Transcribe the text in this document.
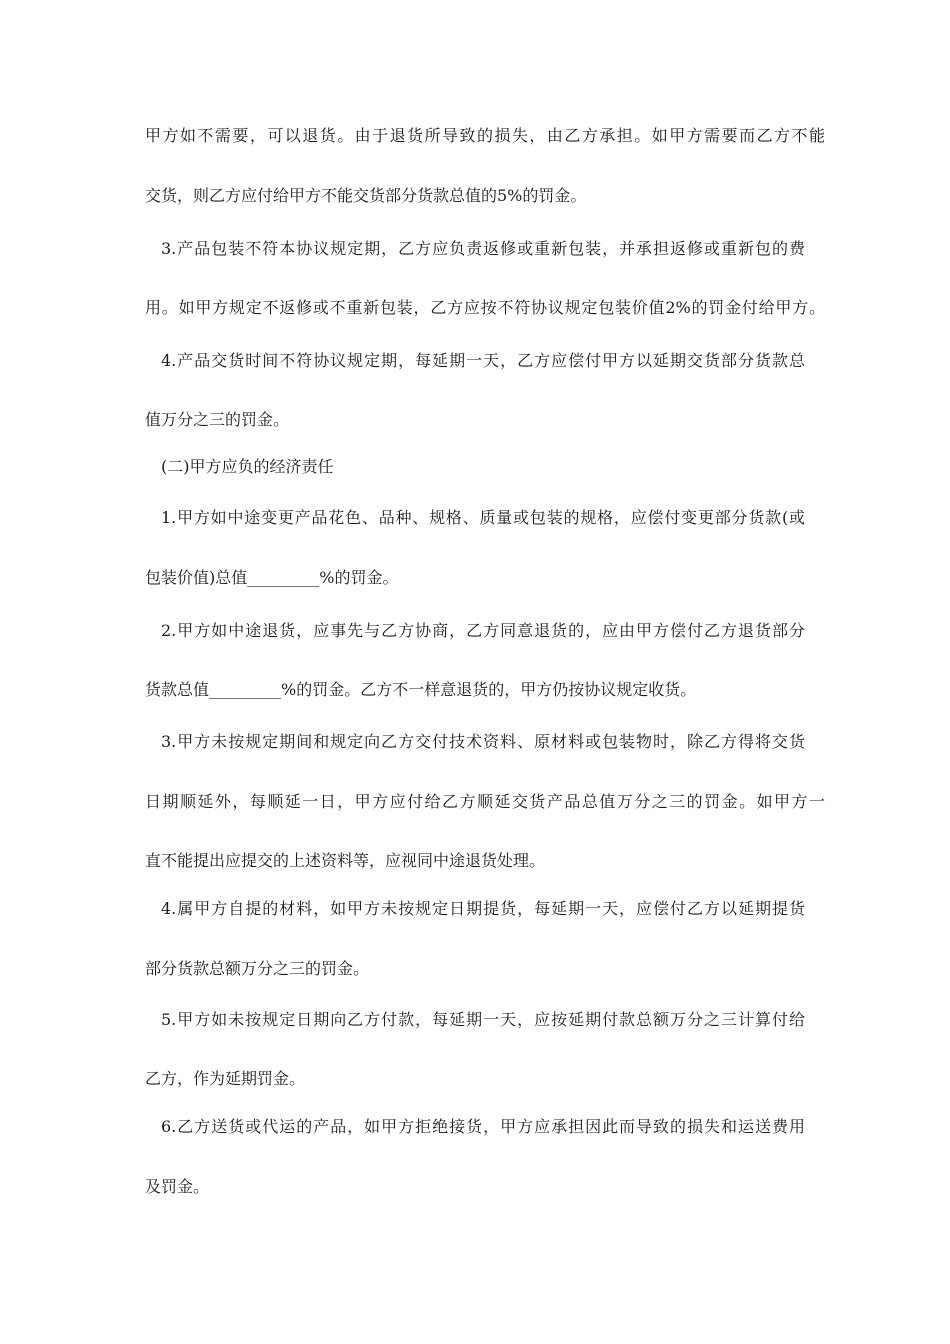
甲方如不需要，可以退货。由于退货所导致的损失，由乙方承担。如甲方需要而乙方不能
交货，则乙方应付给甲方不能交货部分货款总值的5%的罚金。
3.产品包装不符本协议规定期，乙方应负责返修或重新包装，并承担返修或重新包的费
用。如甲方规定不返修或不重新包装，乙方应按不符协议规定包装价值2%的罚金付给甲方。
4.产品交货时间不符协议规定期，每延期一天，乙方应偿付甲方以延期交货部分货款总
值万分之三的罚金。
(二)甲方应负的经济责任
1.甲方如中途变更产品花色、品种、规格、质量或包装的规格，应偿付变更部分货款(或
包装价值)总值_________%的罚金。
2.甲方如中途退货，应事先与乙方协商，乙方同意退货的，应由甲方偿付乙方退货部分
货款总值_________%的罚金。乙方不一样意退货的，甲方仍按协议规定收货。
3.甲方未按规定期间和规定向乙方交付技术资料、原材料或包装物时，除乙方得将交货
日期顺延外，每顺延一日，甲方应付给乙方顺延交货产品总值万分之三的罚金。如甲方一
直不能提出应提交的上述资料等，应视同中途退货处理。
4.属甲方自提的材料，如甲方未按规定日期提货，每延期一天，应偿付乙方以延期提货
部分货款总额万分之三的罚金。
5.甲方如未按规定日期向乙方付款，每延期一天，应按延期付款总额万分之三计算付给
乙方，作为延期罚金。
6.乙方送货或代运的产品，如甲方拒绝接货，甲方应承担因此而导致的损失和运送费用
及罚金。
